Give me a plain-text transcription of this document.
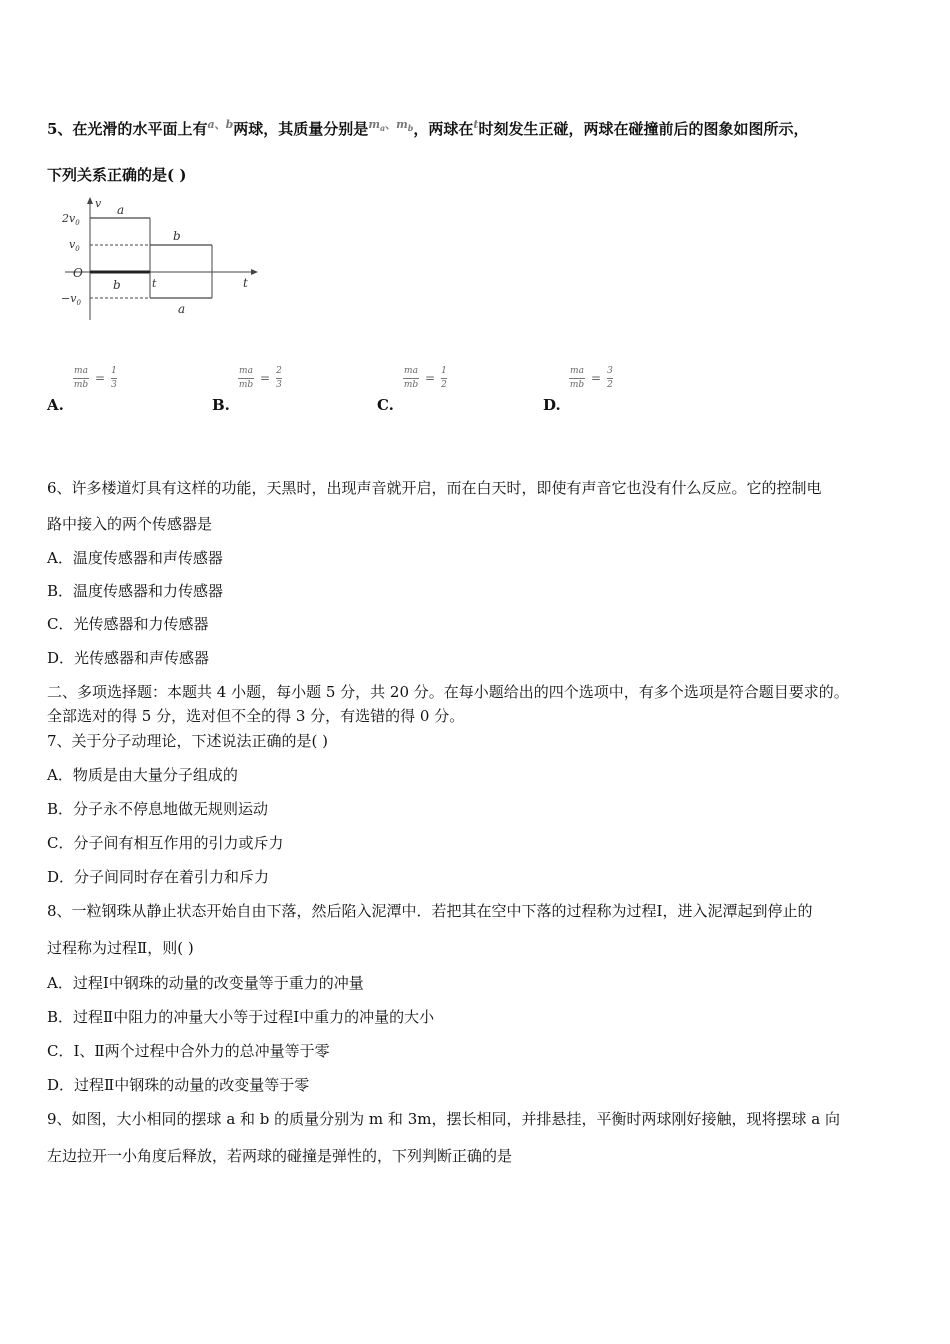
5、在光滑的水平面上有$^{a、b}$两球，其质量分别是$^{m_a、m_b}$，两球在$^t$时刻发生正碰，两球在碰撞前后的图象如图所示，
下列关系正确的是( )
v
t
$2v_0$
$v_0$
O
$-v_0$
t
a
b
b
a
ma
mb = 1
3
A.
ma
mb = 2
3
B.
ma
mb = 1
2
C.
ma
mb = 3
2
D.
6、许多楼道灯具有这样的功能，天黑时，出现声音就开启，而在白天时，即使有声音它也没有什么反应。它的控制电
路中接入的两个传感器是
A．温度传感器和声传感器
B．温度传感器和力传感器
C．光传感器和力传感器
D．光传感器和声传感器
二、多项选择题：本题共 4 小题，每小题 5 分，共 20 分。在每小题给出的四个选项中，有多个选项是符合题目要求的。
全部选对的得 5 分，选对但不全的得 3 分，有选错的得 0 分。
7、关于分子动理论，下述说法正确的是( )
A．物质是由大量分子组成的
B．分子永不停息地做无规则运动
C．分子间有相互作用的引力或斥力
D．分子间同时存在着引力和斥力
8、一粒钢珠从静止状态开始自由下落，然后陷入泥潭中．若把其在空中下落的过程称为过程Ⅰ，进入泥潭起到停止的
过程称为过程Ⅱ，则( )
A．过程Ⅰ中钢珠的动量的改变量等于重力的冲量
B．过程Ⅱ中阻力的冲量大小等于过程Ⅰ中重力的冲量的大小
C．Ⅰ、Ⅱ两个过程中合外力的总冲量等于零
D．过程Ⅱ中钢珠的动量的改变量等于零
9、如图，大小相同的摆球 a 和 b 的质量分别为 m 和 3m，摆长相同，并排悬挂，平衡时两球刚好接触，现将摆球 a 向
左边拉开一小角度后释放，若两球的碰撞是弹性的，下列判断正确的是
